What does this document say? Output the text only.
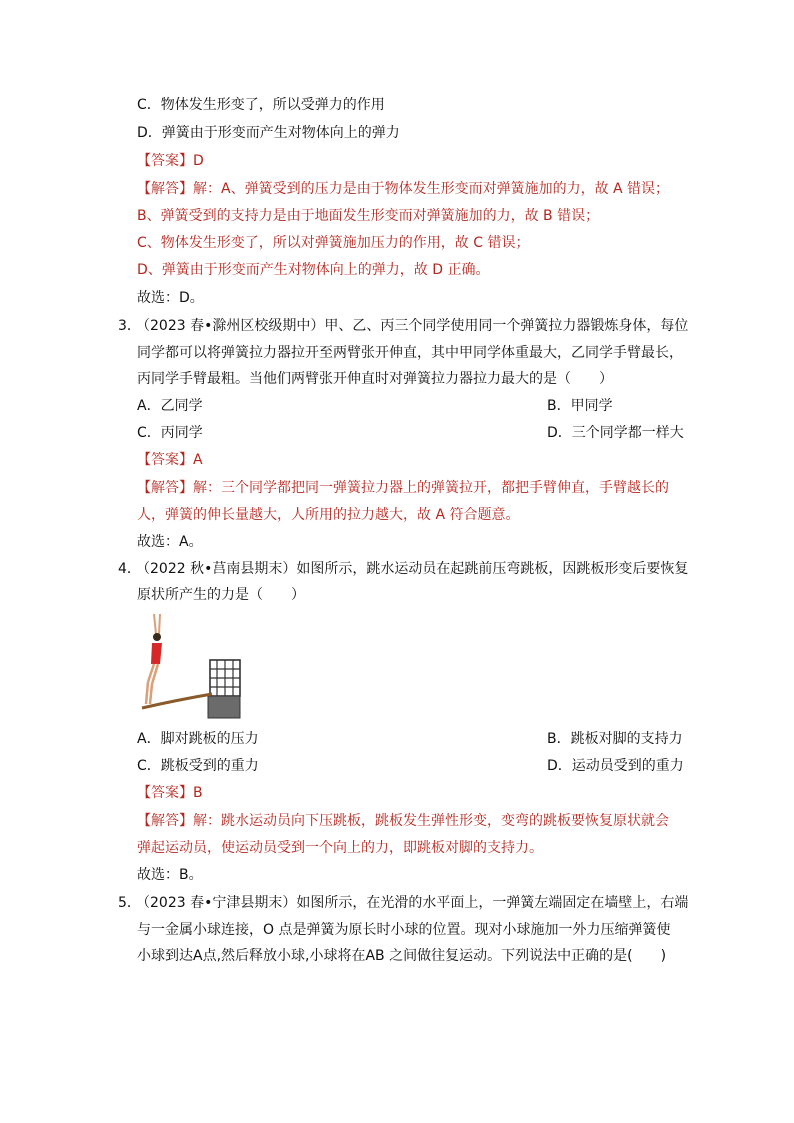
C．物体发生形变了，所以受弹力的作用
D．弹簧由于形变而产生对物体向上的弹力
【答案】D
【解答】解：A、弹簧受到的压力是由于物体发生形变而对弹簧施加的力，故 A 错误；
B、弹簧受到的支持力是由于地面发生形变而对弹簧施加的力，故 B 错误；
C、物体发生形变了，所以对弹簧施加压力的作用，故 C 错误；
D、弹簧由于形变而产生对物体向上的弹力，故 D 正确。
故选：D。
3．（2023 春•滁州区校级期中）甲、乙、丙三个同学使用同一个弹簧拉力器锻炼身体，每位
同学都可以将弹簧拉力器拉开至两臂张开伸直，其中甲同学体重最大，乙同学手臂最长，
丙同学手臂最粗。当他们两臂张开伸直时对弹簧拉力器拉力最大的是（　　）
A．乙同学	B．甲同学
C．丙同学	D．三个同学都一样大
【答案】A
【解答】解：三个同学都把同一弹簧拉力器上的弹簧拉开，都把手臂伸直，手臂越长的
人，弹簧的伸长量越大，人所用的拉力越大，故 A 符合题意。
故选：A。
4．（2022 秋•莒南县期末）如图所示，跳水运动员在起跳前压弯跳板，因跳板形变后要恢复
原状所产生的力是（　　）
A．脚对跳板的压力	B．跳板对脚的支持力
C．跳板受到的重力	D．运动员受到的重力
【答案】B
【解答】解：跳水运动员向下压跳板，跳板发生弹性形变，变弯的跳板要恢复原状就会
弹起运动员，使运动员受到一个向上的力，即跳板对脚的支持力。
故选：B。
5．（2023 春•宁津县期末）如图所示，在光滑的水平面上，一弹簧左端固定在墙壁上，右端
与一金属小球连接，O 点是弹簧为原长时小球的位置。现对小球施加一外力压缩弹簧使
小球到达A点,然后释放小球,小球将在AB 之间做往复运动。下列说法中正确的是(　　)
